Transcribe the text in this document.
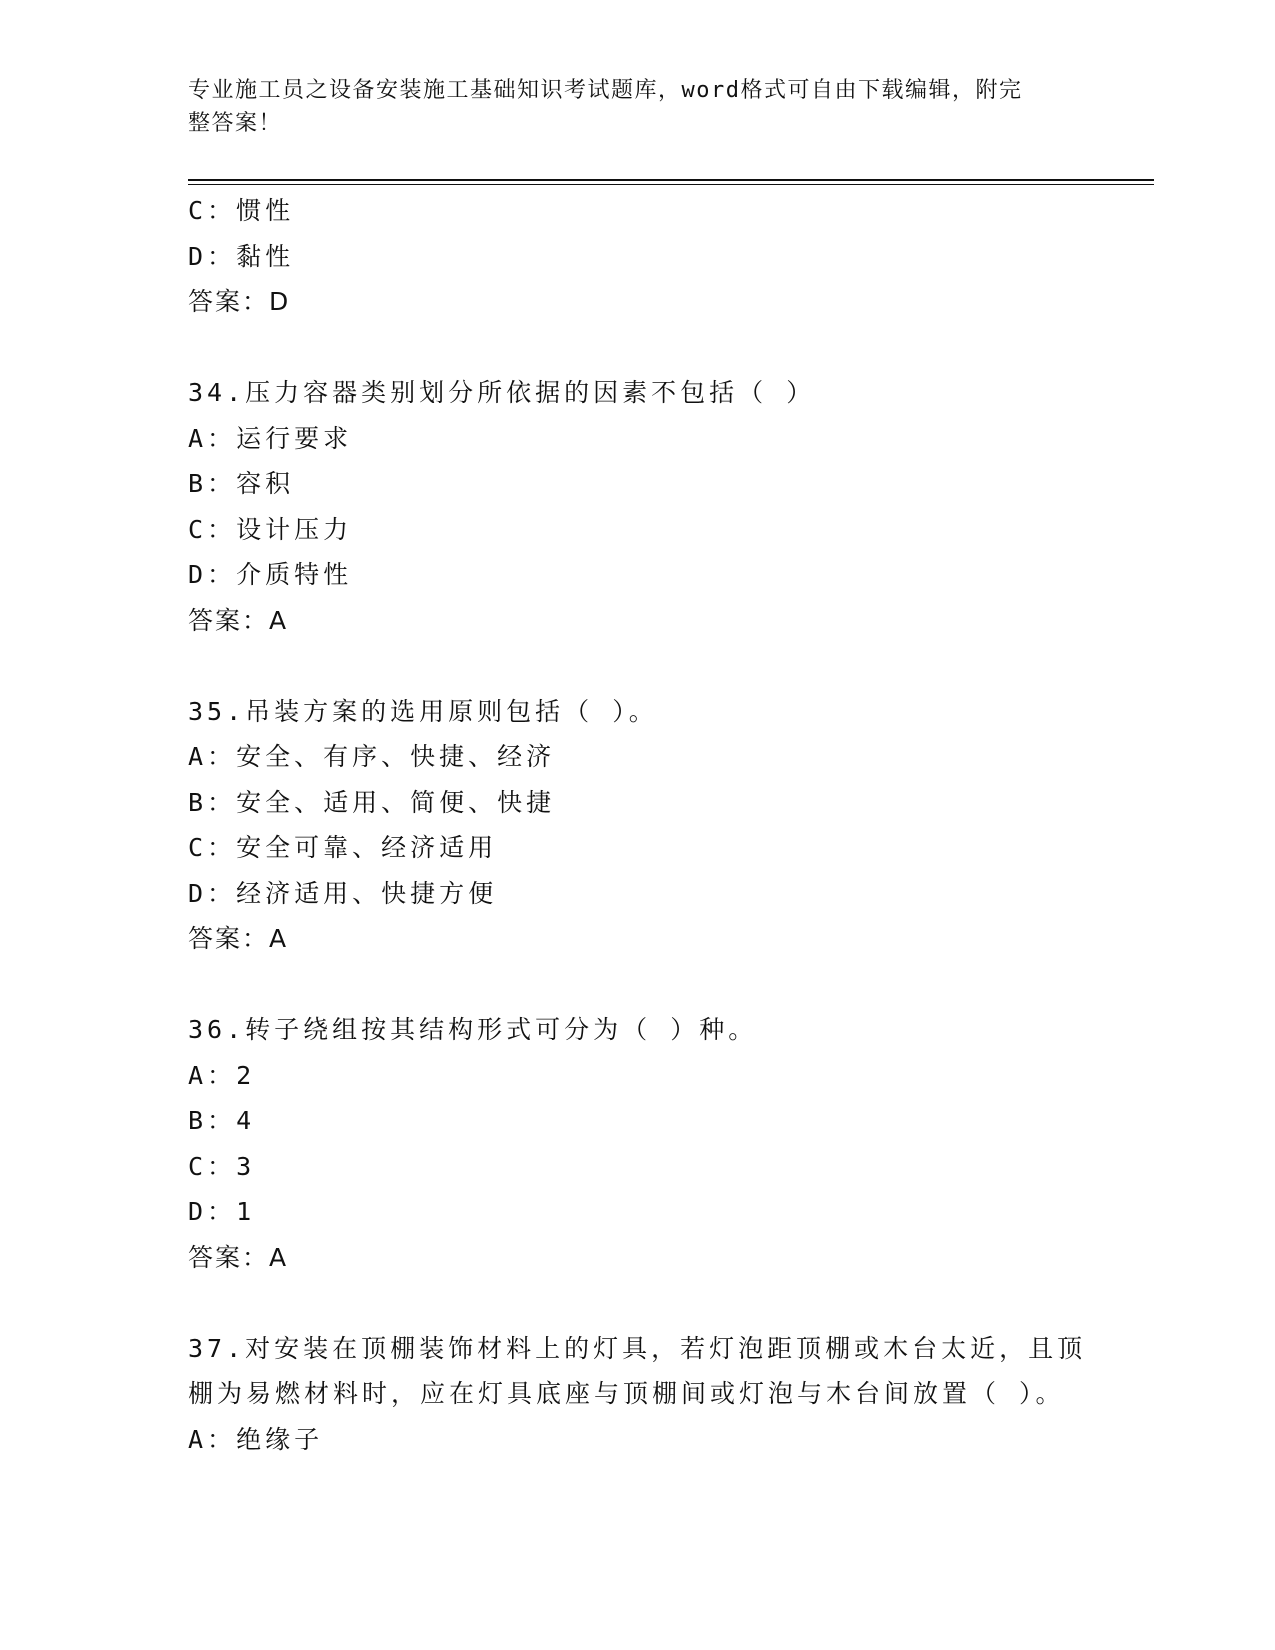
专业施工员之设备安装施工基础知识考试题库，word格式可自由下载编辑，附完
整答案！
C：惯性
D：黏性
答案：D
34.压力容器类别划分所依据的因素不包括（ ）
A：运行要求
B：容积
C：设计压力
D：介质特性
答案：A
35.吊装方案的选用原则包括（ ）。
A：安全、有序、快捷、经济
B：安全、适用、简便、快捷
C：安全可靠、经济适用
D：经济适用、快捷方便
答案：A
36.转子绕组按其结构形式可分为（ ）种。
A：2
B：4
C：3
D：1
答案：A
37.对安装在顶棚装饰材料上的灯具，若灯泡距顶棚或木台太近，且顶
棚为易燃材料时，应在灯具底座与顶棚间或灯泡与木台间放置（ ）。
A：绝缘子
